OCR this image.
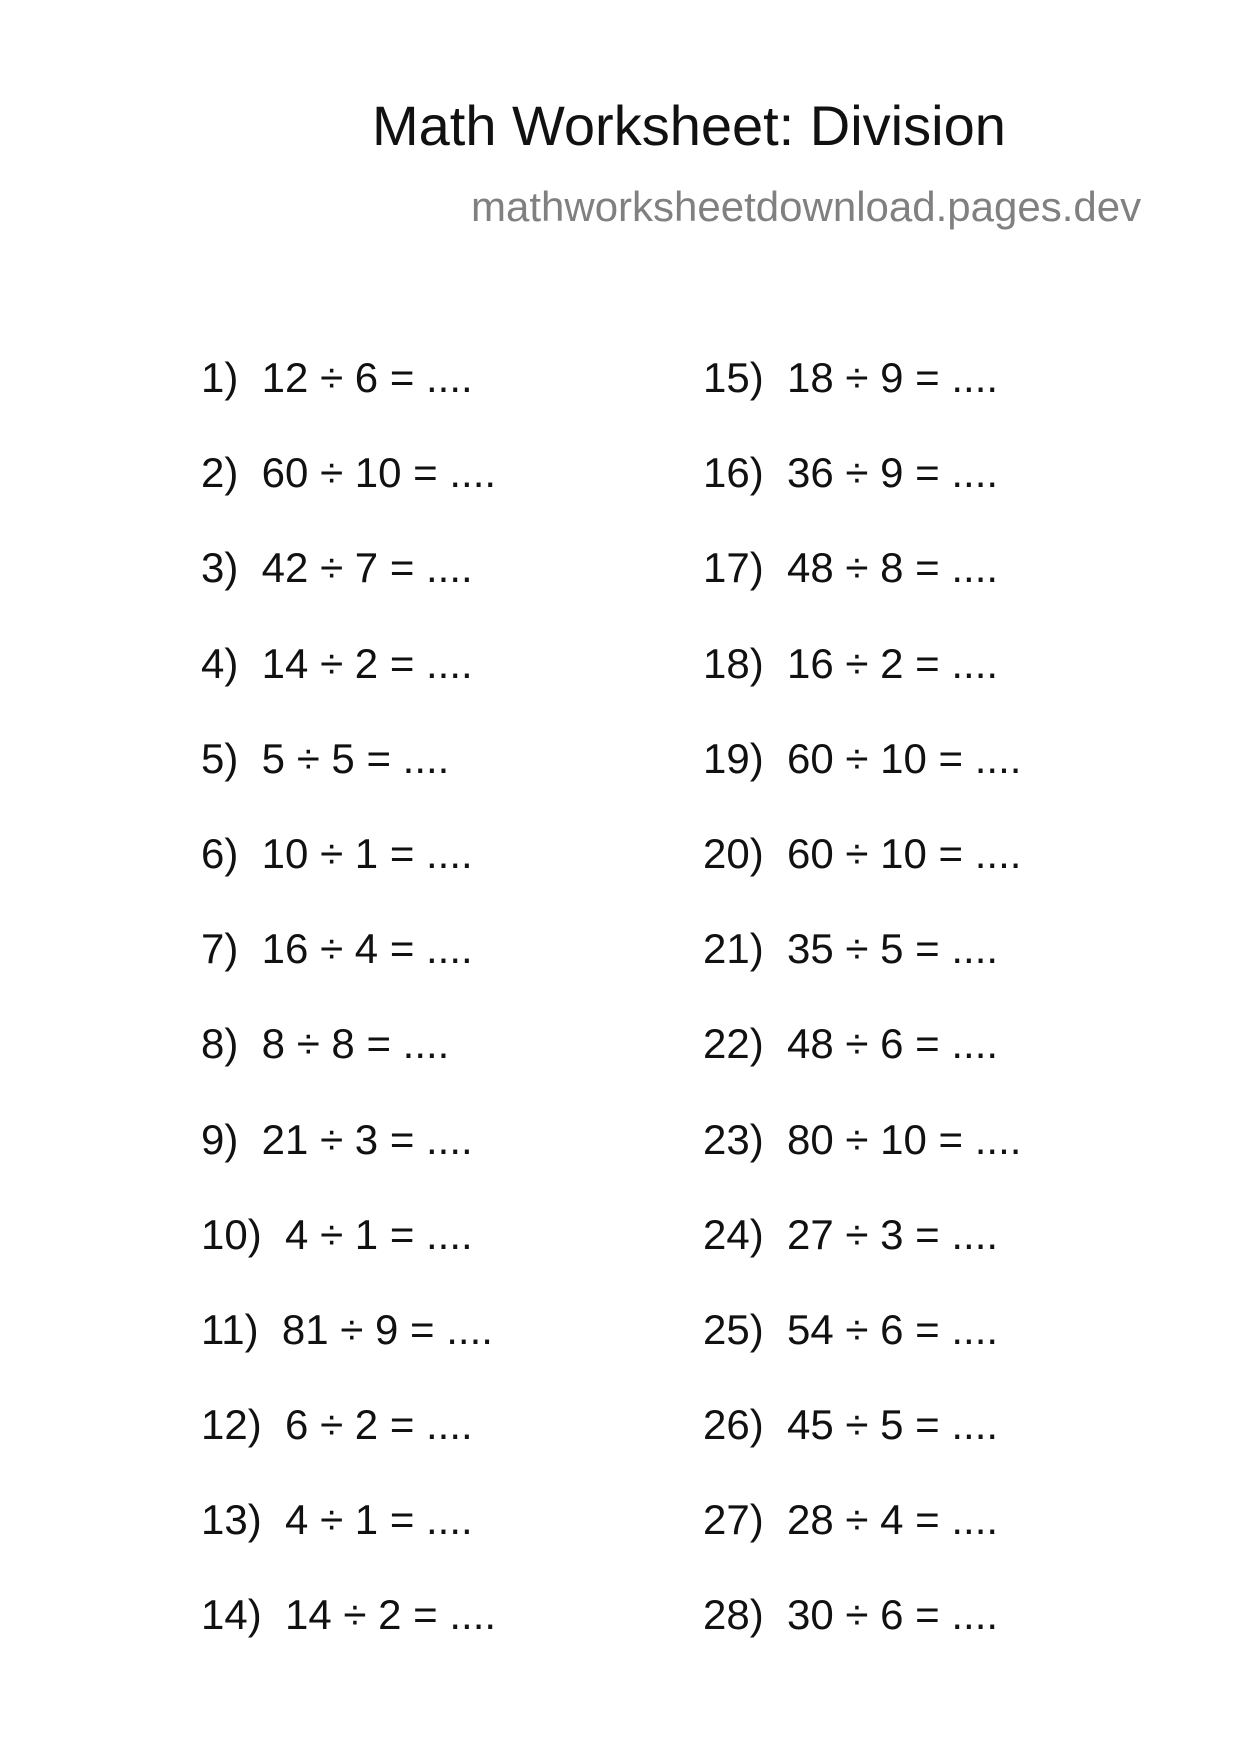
Math Worksheet: Division
mathworksheetdownload.pages.dev
1)  12 ÷ 6 = ....
2)  60 ÷ 10 = ....
3)  42 ÷ 7 = ....
4)  14 ÷ 2 = ....
5)  5 ÷ 5 = ....
6)  10 ÷ 1 = ....
7)  16 ÷ 4 = ....
8)  8 ÷ 8 = ....
9)  21 ÷ 3 = ....
10)  4 ÷ 1 = ....
11)  81 ÷ 9 = ....
12)  6 ÷ 2 = ....
13)  4 ÷ 1 = ....
14)  14 ÷ 2 = ....
15)  18 ÷ 9 = ....
16)  36 ÷ 9 = ....
17)  48 ÷ 8 = ....
18)  16 ÷ 2 = ....
19)  60 ÷ 10 = ....
20)  60 ÷ 10 = ....
21)  35 ÷ 5 = ....
22)  48 ÷ 6 = ....
23)  80 ÷ 10 = ....
24)  27 ÷ 3 = ....
25)  54 ÷ 6 = ....
26)  45 ÷ 5 = ....
27)  28 ÷ 4 = ....
28)  30 ÷ 6 = ....
